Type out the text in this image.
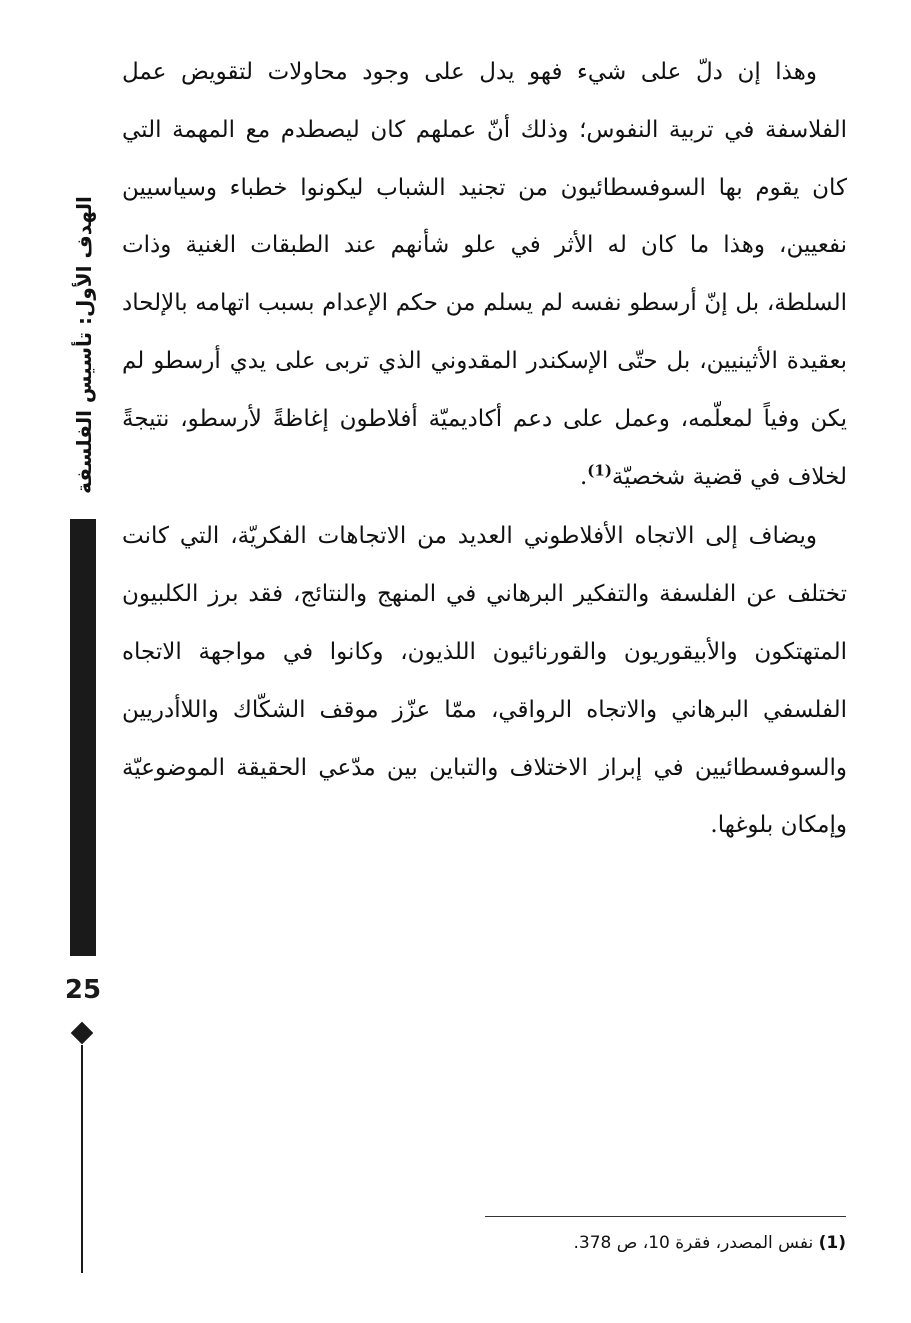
وهذا إن دلّ على شيء فهو يدل على وجود محاولات لتقويض عمل الفلاسفة في تربية النفوس؛ وذلك أنّ عملهم كان ليصطدم مع المهمة التي كان يقوم بها السوفسطائيون من تجنيد الشباب ليكونوا خطباء وسياسيين نفعيين، وهذا ما كان له الأثر في علو شأنهم عند الطبقات الغنية وذات السلطة، بل إنّ أرسطو نفسه لم يسلم من حكم الإعدام بسبب اتهامه بالإلحاد بعقيدة الأثينيين، بل حتّى الإسكندر المقدوني الذي تربى على يدي أرسطو لم يكن وفياً لمعلّمه، وعمل على دعم أكاديميّة أفلاطون إغاظةً لأرسطو، نتيجةً لخلاف في قضية شخصيّة$^{(1)}$.

ويضاف إلى الاتجاه الأفلاطوني العديد من الاتجاهات الفكريّة، التي كانت تختلف عن الفلسفة والتفكير البرهاني في المنهج والنتائج، فقد برز الكلبيون المتهتكون والأبيقوريون والقورنائيون اللذيون، وكانوا في مواجهة الاتجاه الفلسفي البرهاني والاتجاه الرواقي، ممّا عزّز موقف الشكّاك واللاأدريين والسوفسطائيين في إبراز الاختلاف والتباين بين مدّعي الحقيقة الموضوعيّة وإمكان بلوغها.

الهدف الأول: تأسيس الفلسفة
25
(1) نفس المصدر، فقرة 10، ص 378.
